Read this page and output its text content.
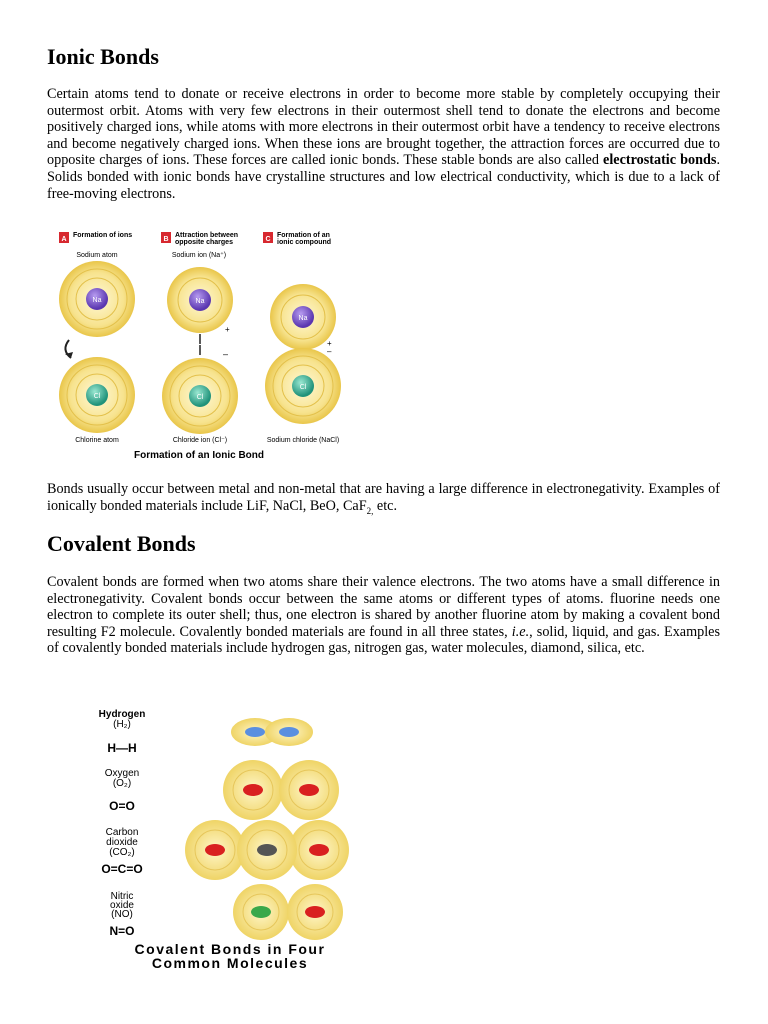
Ionic Bonds

Certain atoms tend to donate or receive electrons in order to become more stable by completely occupying their outermost orbit. Atoms with very few electrons in their outermost shell tend to donate the electrons and become positively charged ions, while atoms with more electrons in their outermost orbit have a tendency to receive electrons and become negatively charged ions. When these ions are brought together, the attraction forces are occurred due to opposite charges of ions. These forces are called ionic bonds. These stable bonds are also called electrostatic bonds. Solids bonded with ionic bonds have crystalline structures and low electrical conductivity, which is due to a lack of free-moving electrons.

A
Formation of ions
B
Attraction between
opposite charges	C
Formation of an
ionic compound
Sodium atom	Sodium ion (Na⁺)
Na
Cl
Chlorine atom
Na
+
–
Cl
Chloride ion (Cl⁻)
Na
Cl
+
–
Sodium chloride (NaCl)
Formation of an Ionic Bond

Bonds usually occur between metal and non-metal that are having a large difference in electronegativity. Examples of ionically bonded materials include LiF, NaCl, BeO, CaF$_{2,}$ etc.

Covalent Bonds

Covalent bonds are formed when two atoms share their valence electrons. The two atoms have a small difference in electronegativity. Covalent bonds occur between the same atoms or different types of atoms. fluorine needs one electron to complete its outer shell; thus, one electron is shared by another fluorine atom by making a covalent bond resulting F2 molecule. Covalently bonded materials are found in all three states, i.e., solid, liquid, and gas. Examples of covalently bonded materials include hydrogen gas, nitrogen gas, water molecules, diamond, silica, etc.

Hydrogen
(H₂)
H—H
Oxygen
(O₂)
O=O
Carbon
dioxide
(CO₂)
O=C=O
Nitric
oxide
(NO)
N=O
Covalent Bonds in Four
Common Molecules
